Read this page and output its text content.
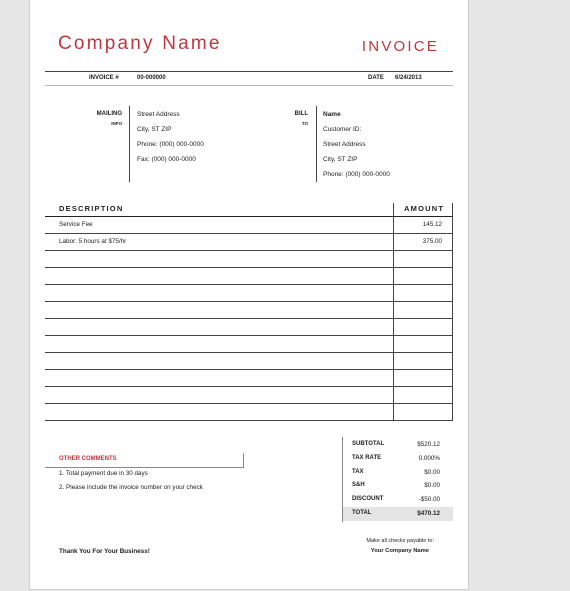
Company Name	INVOICE
INVOICE #	00-000000	DATE 6/24/2013
MAILING
INFO
Street Address
City, ST ZIP
Phone: (000) 000-0000
Fax: (000) 000-0000
BILL
TO
Name
Customer ID:
Street Address
City, ST ZIP
Phone: (000) 000-0000
DESCRIPTION	AMOUNT
Service Fee	145.12
Labor: 5 hours at $75/hr	375.00
OTHER COMMENTS
1. Total payment due in 30 days
2. Please include the invoice number on your check
SUBTOTAL	$520.12
TAX RATE	0.000%
TAX	$0.00
S&H	$0.00
DISCOUNT	-$50.00
TOTAL	$470.12
Thank You For Your Business!
Make all checks payable to:
Your Company Name
